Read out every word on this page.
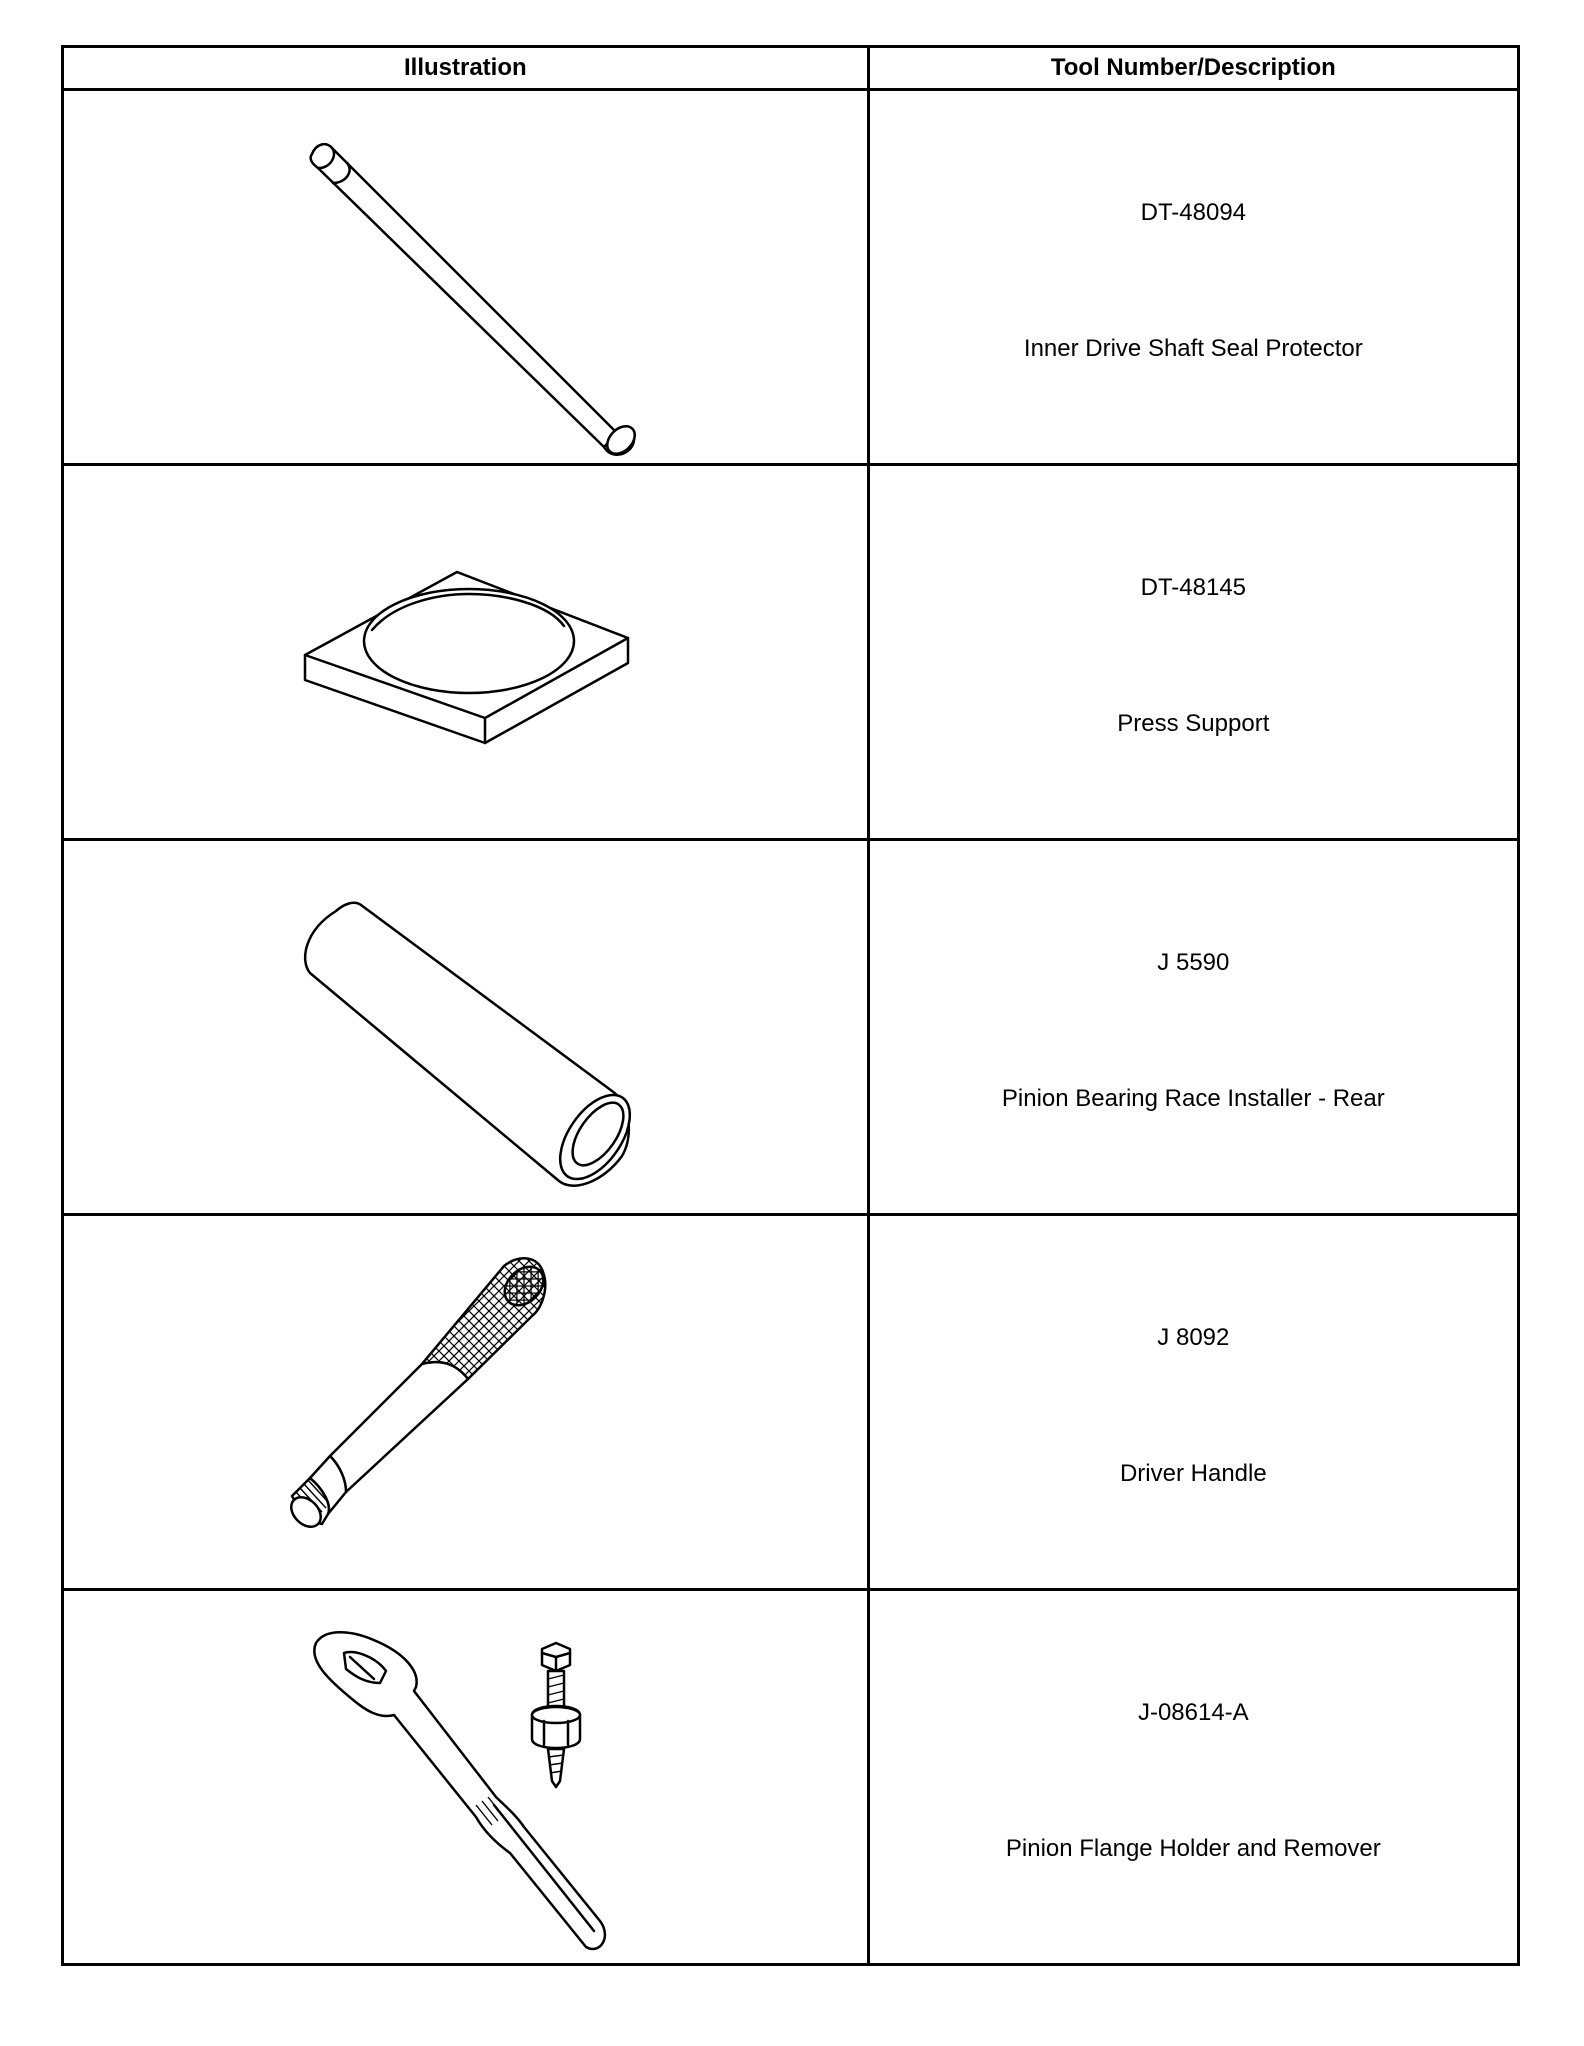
Illustration	Tool Number/Description

DT-48094
Inner Drive Shaft Seal Protector

DT-48145
Press Support

J 5590
Pinion Bearing Race Installer - Rear

J 8092
Driver Handle

J-08614-A
Pinion Flange Holder and Remover
